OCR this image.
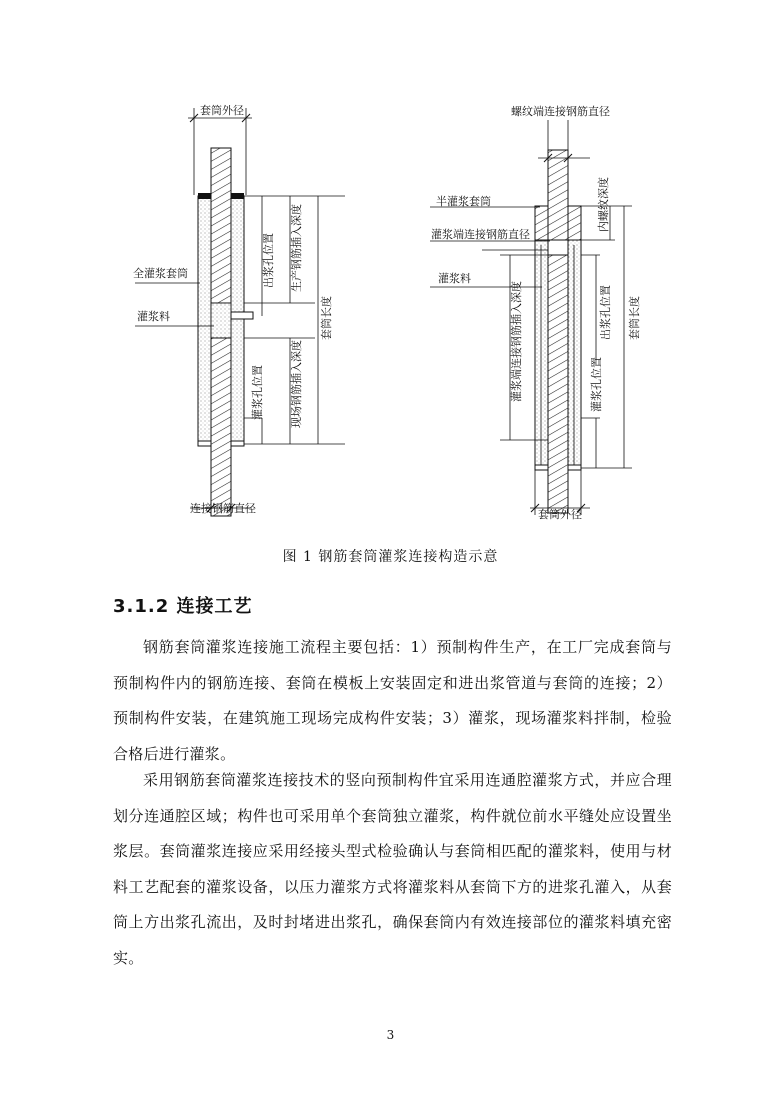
套筒外径
全灌浆套筒
灌浆料
出浆孔位置 生产钢筋插入深度
套筒长度
灌浆孔位置 现场钢筋插入深度
连接钢筋直径
螺纹端连接钢筋直径
半灌浆套筒
灌浆端连接钢筋直径
灌浆料
内螺纹深度
灌浆端连接钢筋插入深度	出浆孔位置 套筒长度
灌浆孔位置
套筒外径
图 1 钢筋套筒灌浆连接构造示意
3.1.2 连接工艺

钢筋套筒灌浆连接施工流程主要包括：1）预制构件生产，在工厂完成套筒与预制构件内的钢筋连接、套筒在模板上安装固定和进出浆管道与套筒的连接；2）预制构件安装，在建筑施工现场完成构件安装；3）灌浆，现场灌浆料拌制，检验合格后进行灌浆。

采用钢筋套筒灌浆连接技术的竖向预制构件宜采用连通腔灌浆方式，并应合理划分连通腔区域；构件也可采用单个套筒独立灌浆，构件就位前水平缝处应设置坐浆层。套筒灌浆连接应采用经接头型式检验确认与套筒相匹配的灌浆料，使用与材料工艺配套的灌浆设备，以压力灌浆方式将灌浆料从套筒下方的进浆孔灌入，从套筒上方出浆孔流出，及时封堵进出浆孔，确保套筒内有效连接部位的灌浆料填充密实。

3
